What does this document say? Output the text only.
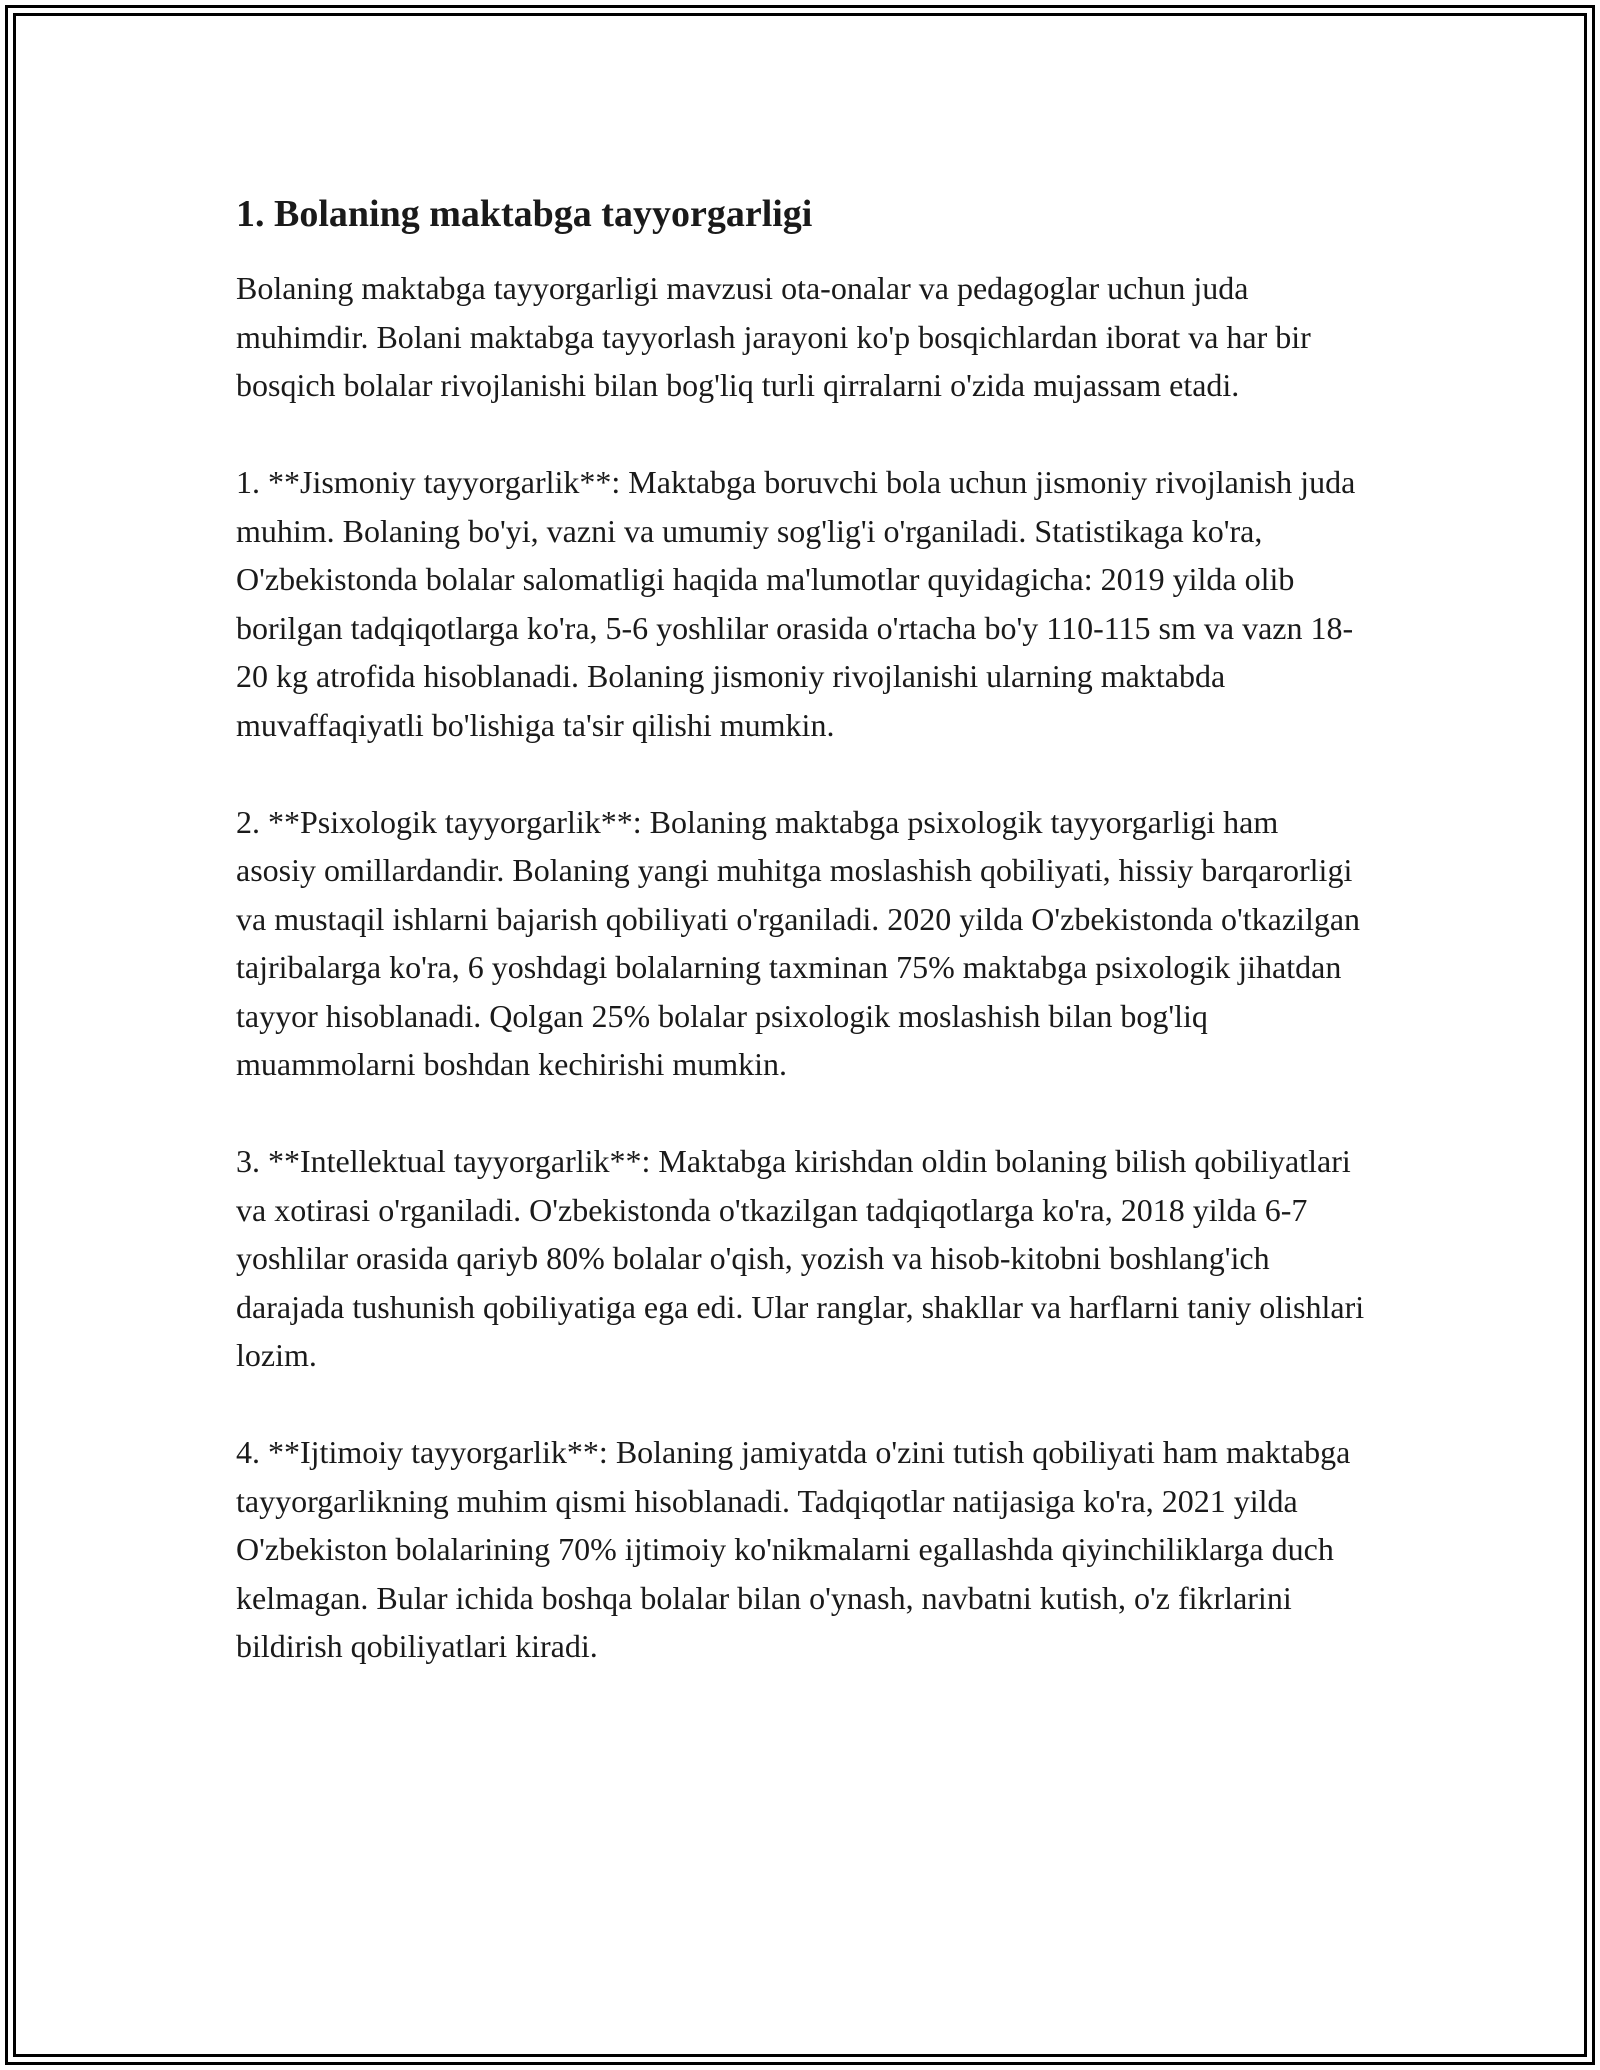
1. Bolaning maktabga tayyorgarligi

Bolaning maktabga tayyorgarligi mavzusi ota-onalar va pedagoglar uchun juda muhimdir. Bolani maktabga tayyorlash jarayoni ko'p bosqichlardan iborat va har bir bosqich bolalar rivojlanishi bilan bog'liq turli qirralarni o'zida mujassam etadi.

1. **Jismoniy tayyorgarlik**: Maktabga boruvchi bola uchun jismoniy rivojlanish juda muhim. Bolaning bo'yi, vazni va umumiy sog'lig'i o'rganiladi. Statistikaga ko'ra, O'zbekistonda bolalar salomatligi haqida ma'lumotlar quyidagicha: 2019 yilda olib borilgan tadqiqotlarga ko'ra, 5-6 yoshlilar orasida o'rtacha bo'y 110-115 sm va vazn 18-20 kg atrofida hisoblanadi. Bolaning jismoniy rivojlanishi ularning maktabda muvaffaqiyatli bo'lishiga ta'sir qilishi mumkin.

2. **Psixologik tayyorgarlik**: Bolaning maktabga psixologik tayyorgarligi ham asosiy omillardandir. Bolaning yangi muhitga moslashish qobiliyati, hissiy barqarorligi va mustaqil ishlarni bajarish qobiliyati o'rganiladi. 2020 yilda O'zbekistonda o'tkazilgan tajribalarga ko'ra, 6 yoshdagi bolalarning taxminan 75% maktabga psixologik jihatdan tayyor hisoblanadi. Qolgan 25% bolalar psixologik moslashish bilan bog'liq muammolarni boshdan kechirishi mumkin.

3. **Intellektual tayyorgarlik**: Maktabga kirishdan oldin bolaning bilish qobiliyatlari va xotirasi o'rganiladi. O'zbekistonda o'tkazilgan tadqiqotlarga ko'ra, 2018 yilda 6-7 yoshlilar orasida qariyb 80% bolalar o'qish, yozish va hisob-kitobni boshlang'ich darajada tushunish qobiliyatiga ega edi. Ular ranglar, shakllar va harflarni taniy olishlari lozim.

4. **Ijtimoiy tayyorgarlik**: Bolaning jamiyatda o'zini tutish qobiliyati ham maktabga tayyorgarlikning muhim qismi hisoblanadi. Tadqiqotlar natijasiga ko'ra, 2021 yilda O'zbekiston bolalarining 70% ijtimoiy ko'nikmalarni egallashda qiyinchiliklarga duch kelmagan. Bular ichida boshqa bolalar bilan o'ynash, navbatni kutish, o'z fikrlarini bildirish qobiliyatlari kiradi.
